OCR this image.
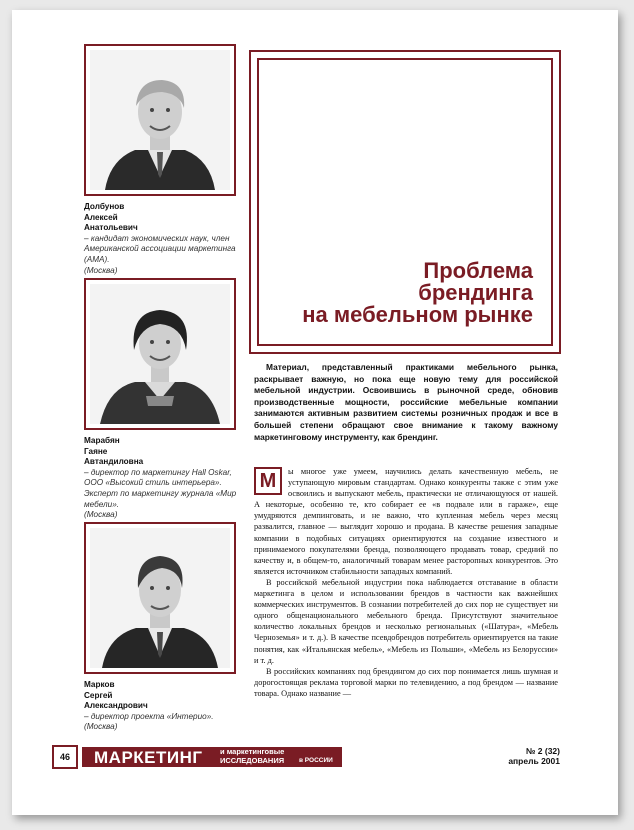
Долбунов
Алексей
Анатольевич
– кандидат экономических наук, член Американской ассоциации маркетинга (AMA).
(Москва)
Марабян
Гаяне
Автандиловна
– директор по маркетингу Hall Oskar, ООО «Высокий стиль интерьера». Эксперт по маркетингу журнала «Мир мебели».
(Москва)
Марков
Сергей
Александрович
– директор проекта «Интерио».
(Москва)
Проблема
брендинга
на мебельном рынке
Материал, представленный практиками мебельного рынка, раскрывает важную, но пока еще новую тему для российской мебельной индустрии. Освоившись в рыночной среде, обновив производственные мощности, российские мебельные компании занимаются активным развитием системы розничных продаж и все в большей степени обращают свое внимание к такому важному маркетинговому инструменту, как брендинг.
М	ы многое уже умеем, научились делать качественную мебель, не уступающую мировым стандартам. Однако конкуренты также с этим уже освоились и выпускают мебель, практически не отличающуюся от нашей. А некоторые, особенно те, кто собирает ее «в подвале или в гараже», еще умудряются демпинговать, и не важно, что купленная мебель через месяц развалится, главное — выглядит хорошо и продана. В качестве решения западные компании в подобных ситуациях ориентируются на создание известного и принимаемого покупателями бренда, позволяющего продавать товар, средний по качеству и, в общем-то, аналогичный товарам менее расторопных конкурентов. Это является источником стабильности западных компаний.

В российской мебельной индустрии пока наблюдается отставание в области маркетинга в целом и использовании брендов в частности как важнейших коммерческих инструментов. В сознании потребителей до сих пор не существует ни одного общенационального мебельного бренда. Присутствуют значительное количество локальных брендов и несколько региональных («Шатура», «Мебель Черноземья» и т. д.). В качестве псевдобрендов потребитель ориентируется на такие понятия, как «Итальянская мебель», «Мебель из Польши», «Мебель из Белоруссии» и т. д.

В российских компаниях под брендингом до сих пор понимается лишь шумная и дорогостоящая реклама торговой марки по телевидению, а под брендом — название товара. Однако название —

46	МАРКЕТИНГ и маркетинговые
ИССЛЕДОВАНИЯ в РОССИИ
№ 2 (32)
апрель 2001
